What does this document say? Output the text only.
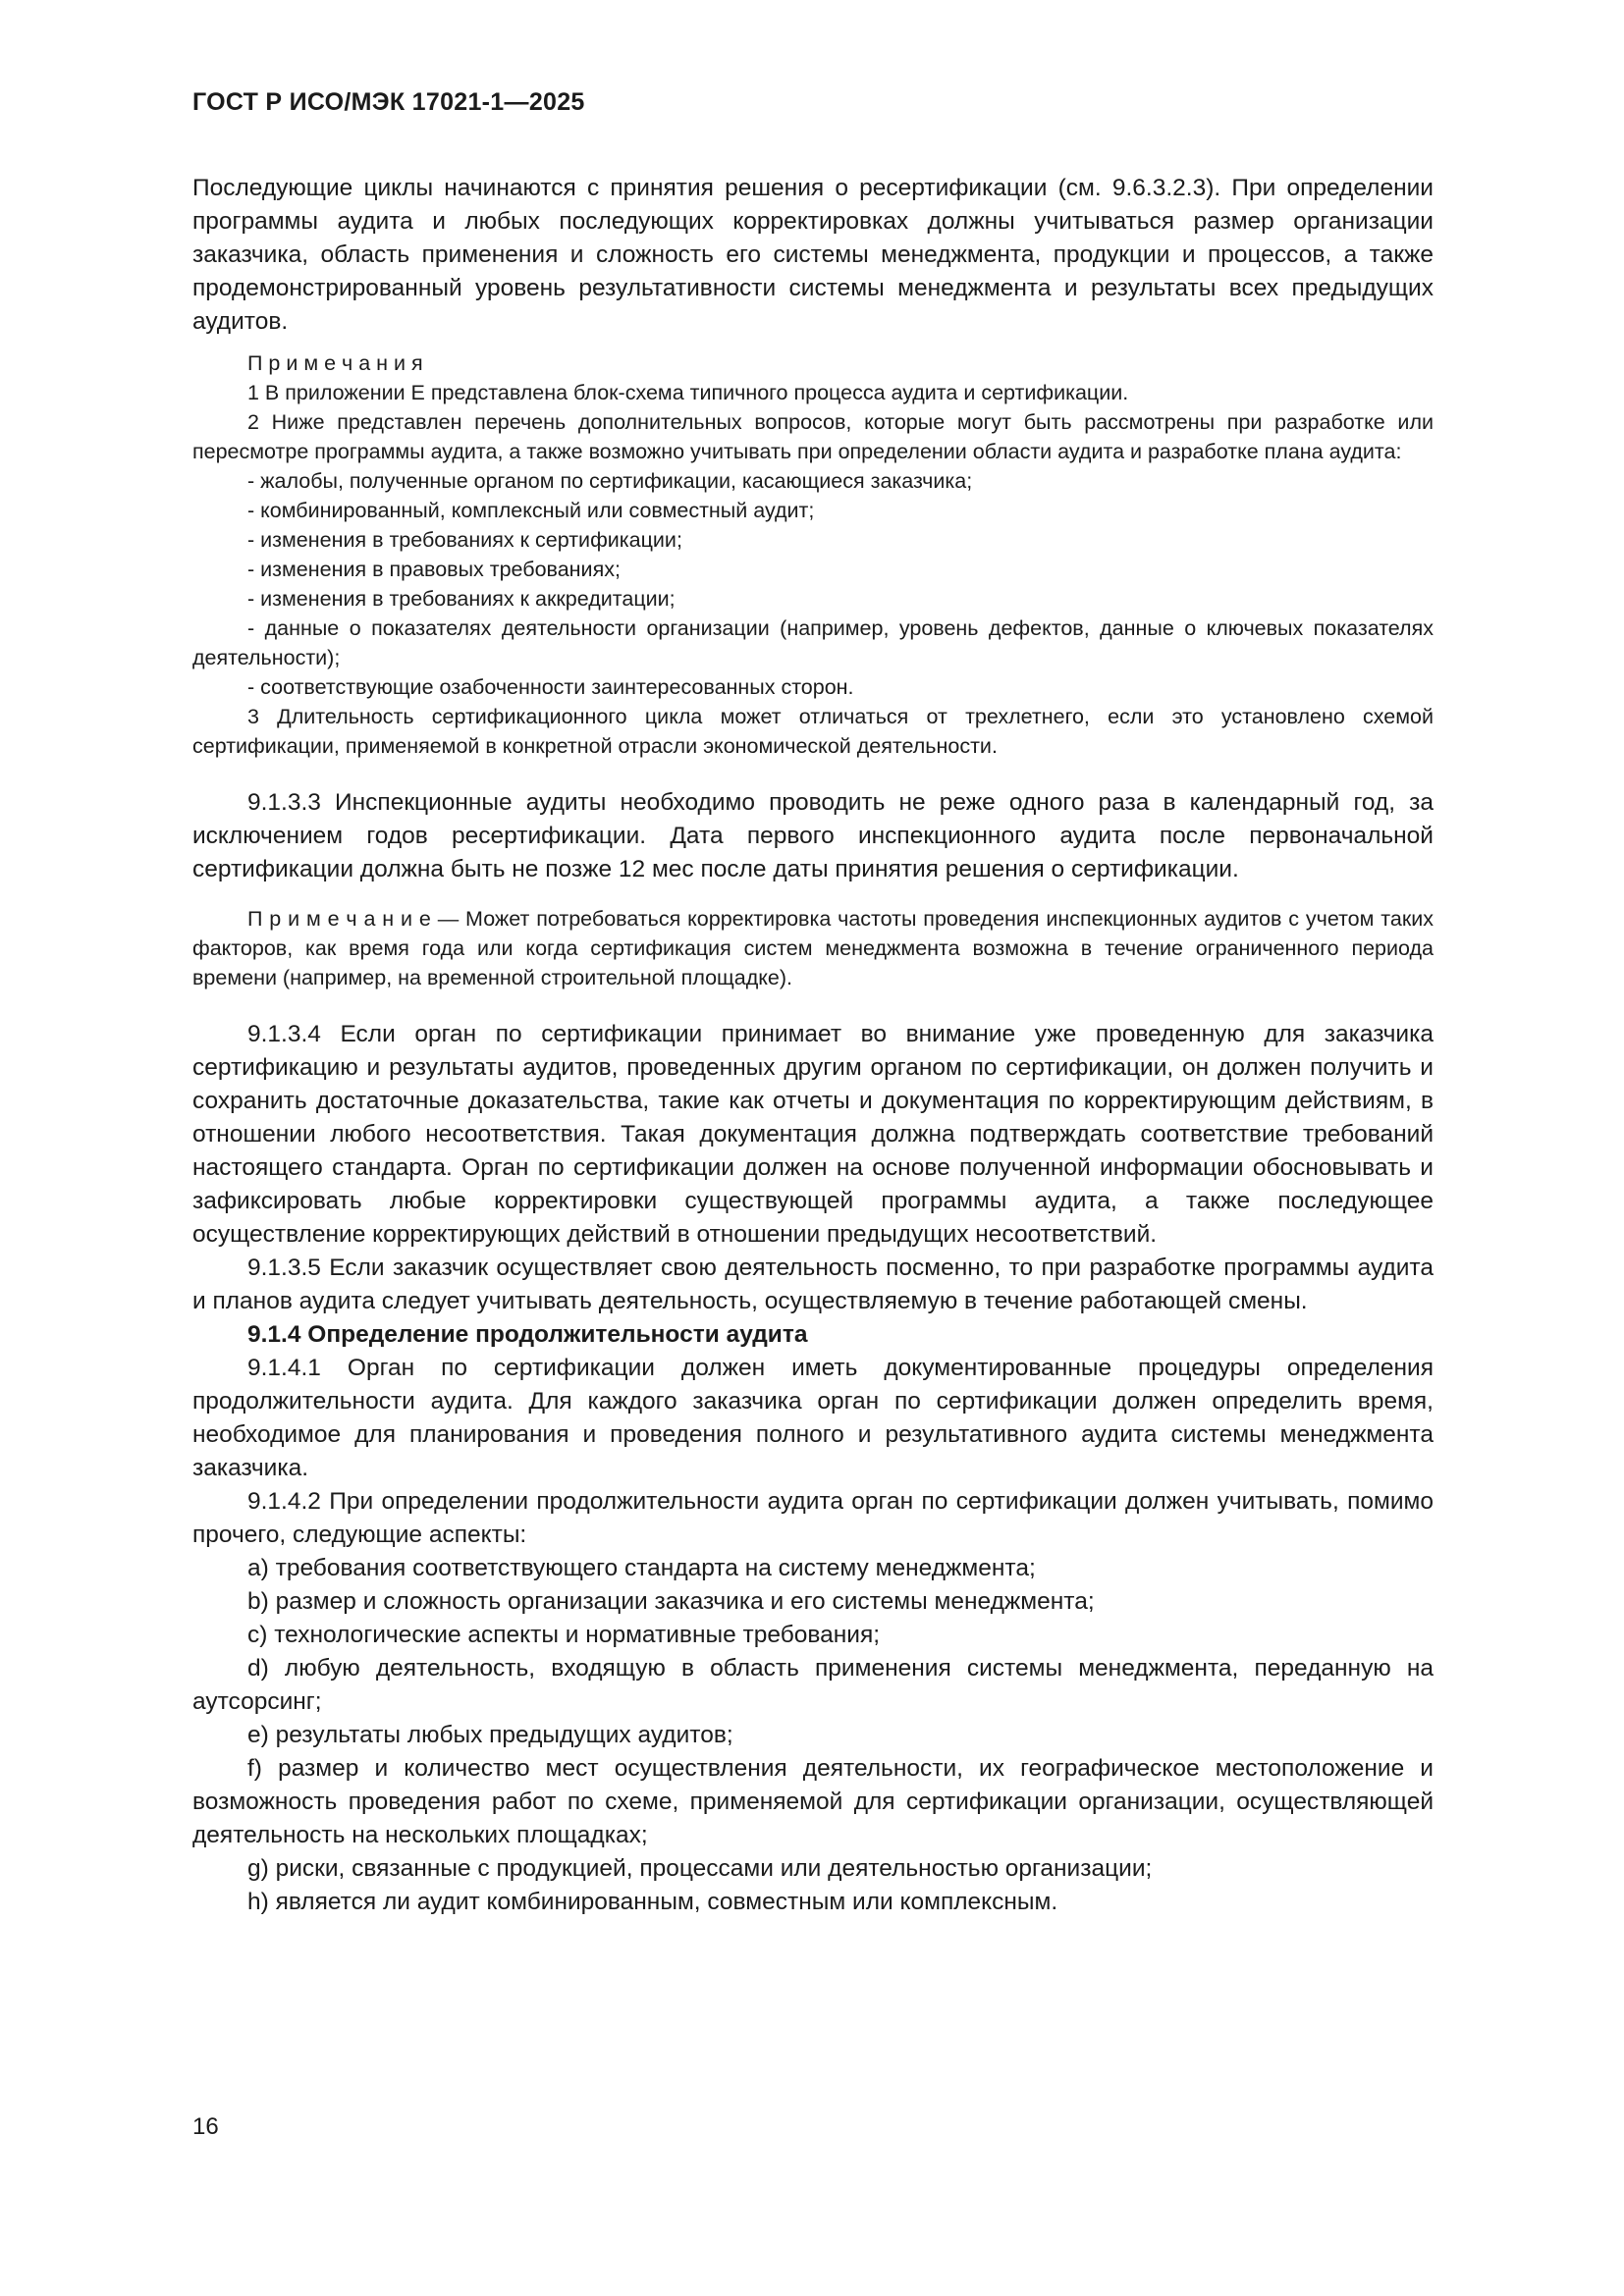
ГОСТ Р ИСО/МЭК 17021-1—2025

Последующие циклы начинаются с принятия решения о ресертификации (см. 9.6.3.2.3). При определении программы аудита и любых последующих корректировках должны учитываться размер организации заказчика, область применения и сложность его системы менеджмента, продукции и процессов, а также продемонстрированный уровень результативности системы менеджмента и результаты всех предыдущих аудитов.

П р и м е ч а н и я

1 В приложении Е представлена блок-схема типичного процесса аудита и сертификации.

2 Ниже представлен перечень дополнительных вопросов, которые могут быть рассмотрены при разработке или пересмотре программы аудита, а также возможно учитывать при определении области аудита и разработке плана аудита:

- жалобы, полученные органом по сертификации, касающиеся заказчика;

- комбинированный, комплексный или совместный аудит;

- изменения в требованиях к сертификации;

- изменения в правовых требованиях;

- изменения в требованиях к аккредитации;

- данные о показателях деятельности организации (например, уровень дефектов, данные о ключевых показателях деятельности);

- соответствующие озабоченности заинтересованных сторон.

3 Длительность сертификационного цикла может отличаться от трехлетнего, если это установлено схемой сертификации, применяемой в конкретной отрасли экономической деятельности.

9.1.3.3 Инспекционные аудиты необходимо проводить не реже одного раза в календарный год, за исключением годов ресертификации. Дата первого инспекционного аудита после первоначальной сертификации должна быть не позже 12 мес после даты принятия решения о сертификации.

П р и м е ч а н и е — Может потребоваться корректировка частоты проведения инспекционных аудитов с учетом таких факторов, как время года или когда сертификация систем менеджмента возможна в течение ограниченного периода времени (например, на временной строительной площадке).

9.1.3.4 Если орган по сертификации принимает во внимание уже проведенную для заказчика сертификацию и результаты аудитов, проведенных другим органом по сертификации, он должен получить и сохранить достаточные доказательства, такие как отчеты и документация по корректирующим действиям, в отношении любого несоответствия. Такая документация должна подтверждать соответствие требований настоящего стандарта. Орган по сертификации должен на основе полученной информации обосновывать и зафиксировать любые корректировки существующей программы аудита, а также последующее осуществление корректирующих действий в отношении предыдущих несоответствий.

9.1.3.5 Если заказчик осуществляет свою деятельность посменно, то при разработке программы аудита и планов аудита следует учитывать деятельность, осуществляемую в течение работающей смены.

9.1.4 Определение продолжительности аудита

9.1.4.1 Орган по сертификации должен иметь документированные процедуры определения продолжительности аудита. Для каждого заказчика орган по сертификации должен определить время, необходимое для планирования и проведения полного и результативного аудита системы менеджмента заказчика.

9.1.4.2 При определении продолжительности аудита орган по сертификации должен учитывать, помимо прочего, следующие аспекты:

a) требования соответствующего стандарта на систему менеджмента;

b) размер и сложность организации заказчика и его системы менеджмента;

c) технологические аспекты и нормативные требования;

d) любую деятельность, входящую в область применения системы менеджмента, переданную на аутсорсинг;

e) результаты любых предыдущих аудитов;

f) размер и количество мест осуществления деятельности, их географическое местоположение и возможность проведения работ по схеме, применяемой для сертификации организации, осуществляющей деятельность на нескольких площадках;

g) риски, связанные с продукцией, процессами или деятельностью организации;

h) является ли аудит комбинированным, совместным или комплексным.

16
